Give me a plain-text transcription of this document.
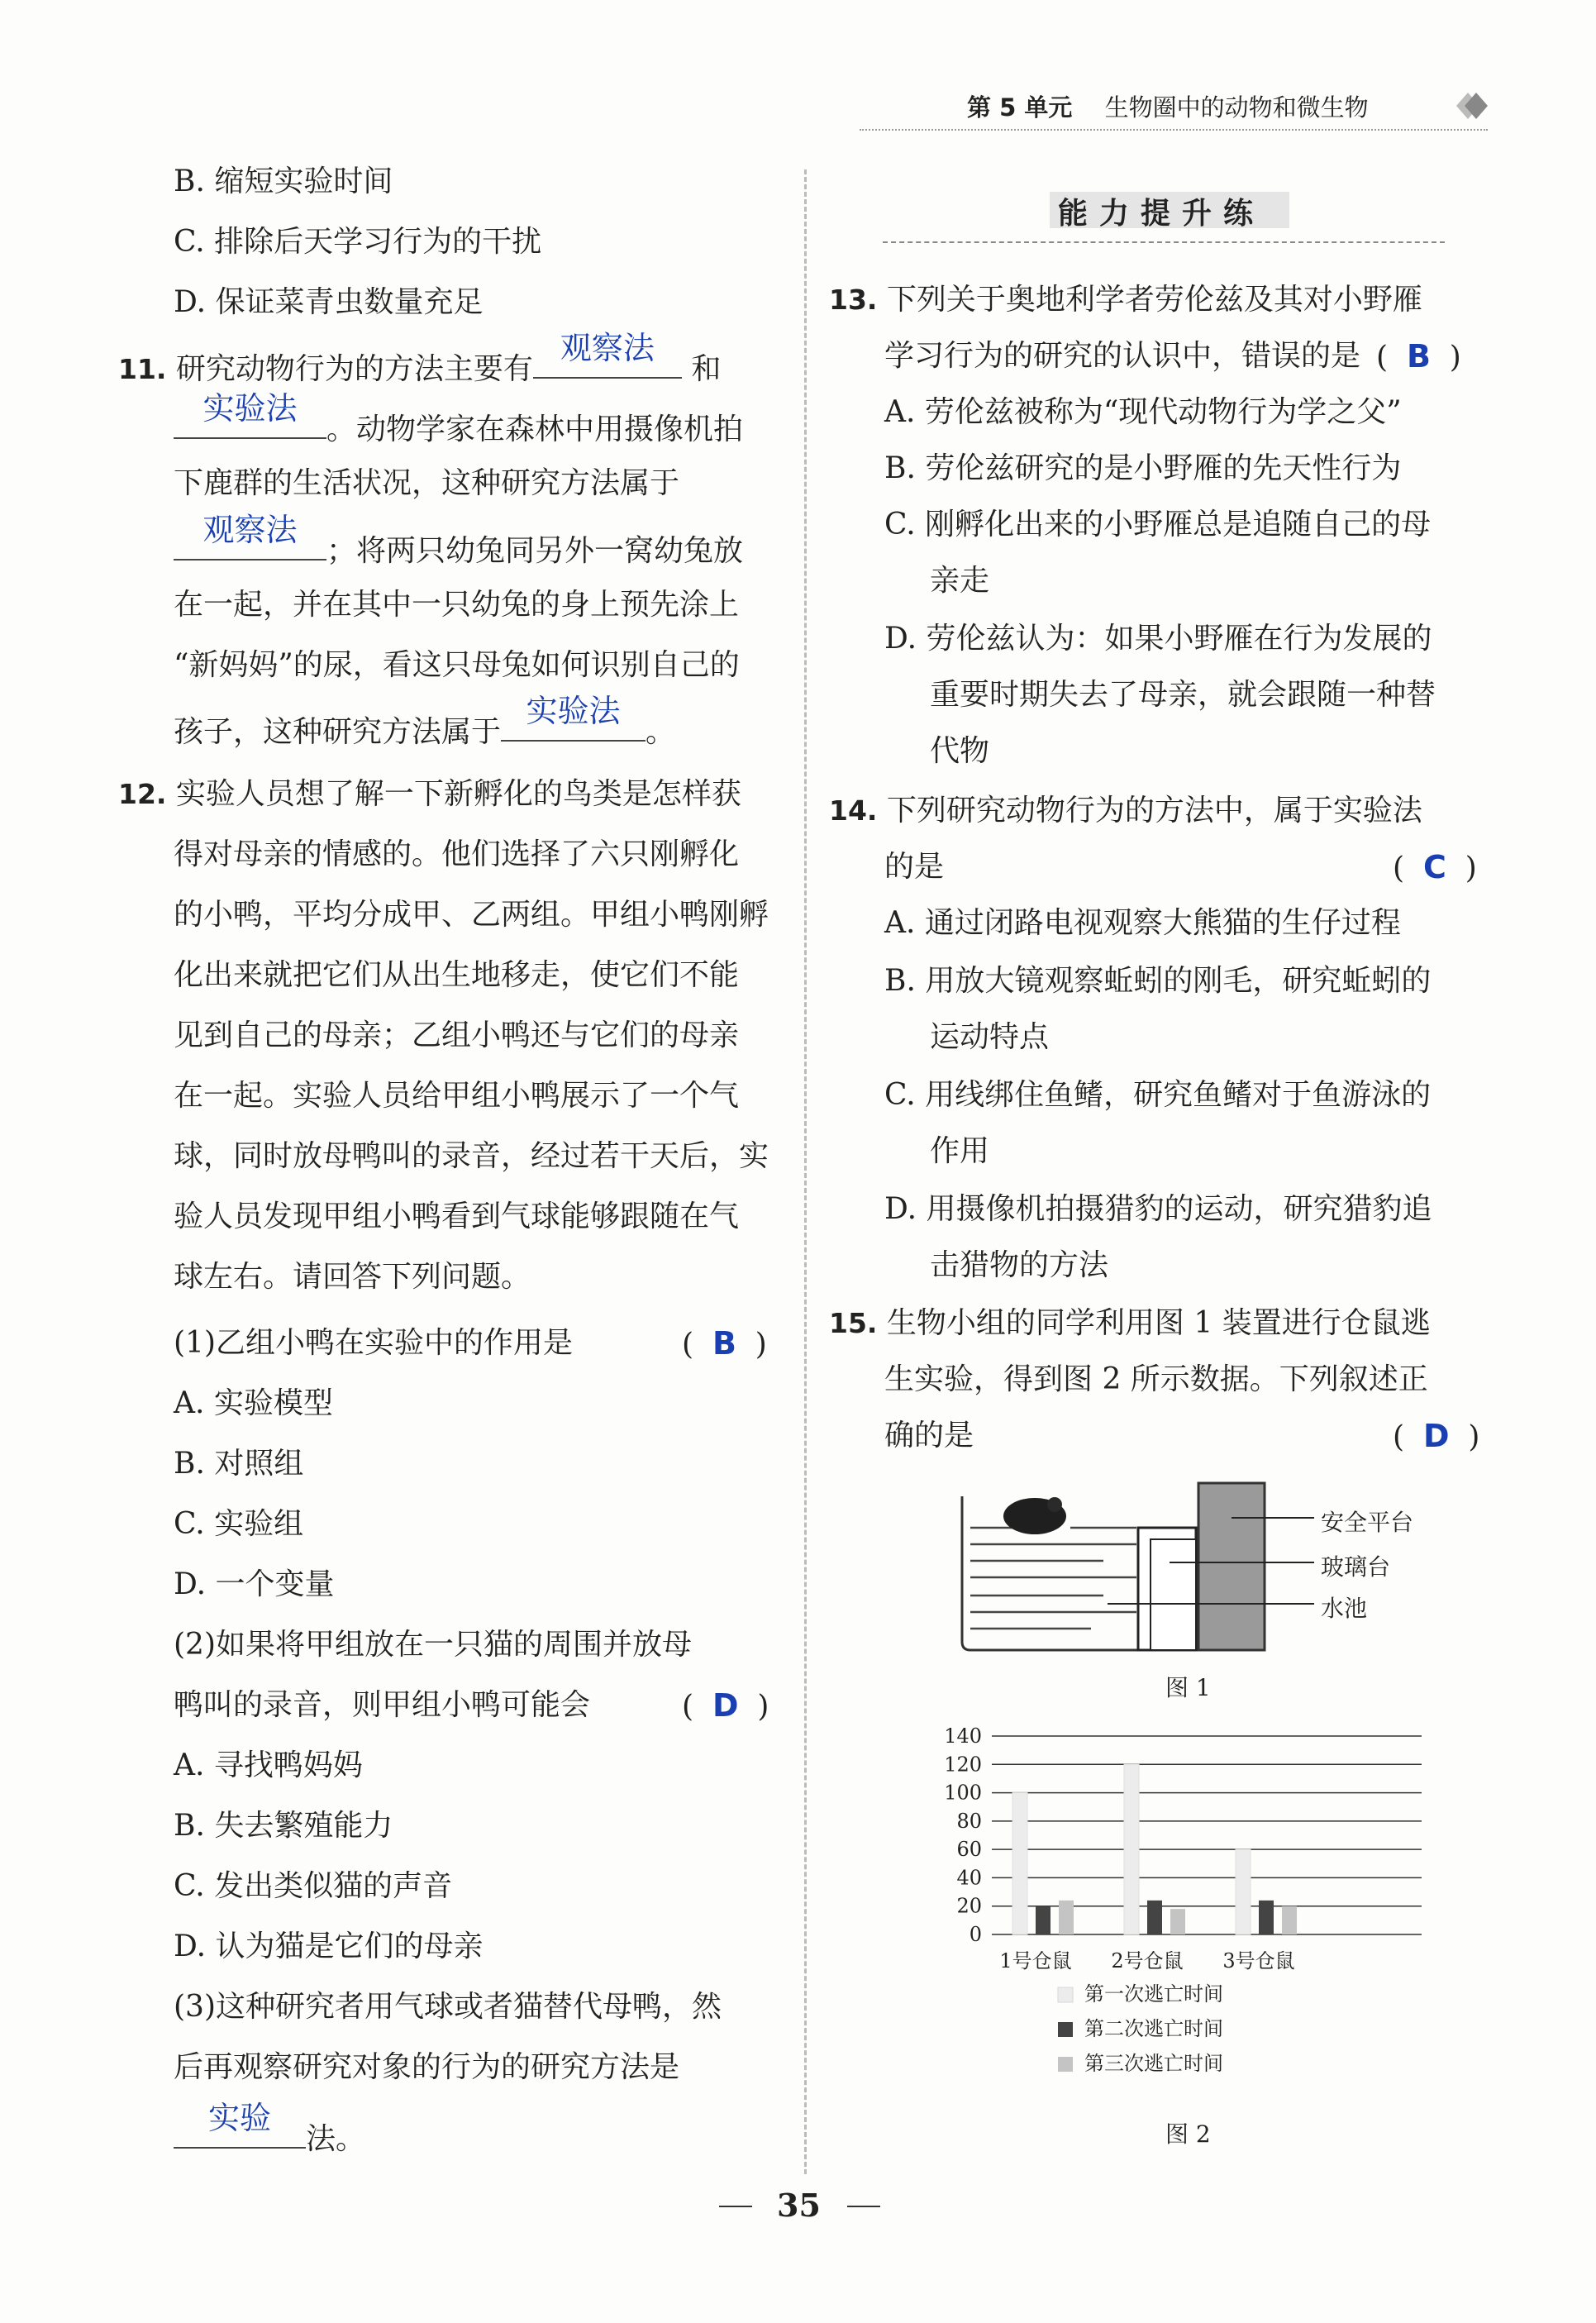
第 5 单元 生物圈中的动物和微生物
B. 缩短实验时间
C. 排除后天学习行为的干扰
D. 保证菜青虫数量充足
11. 研究动物行为的方法主要有
观察法
和
实验法
。动物学家在森林中用摄像机拍
下鹿群的生活状况，这种研究方法属于
观察法
；将两只幼兔同另外一窝幼兔放
在一起，并在其中一只幼兔的身上预先涂上
“新妈妈”的尿，看这只母兔如何识别自己的
孩子，这种研究方法属于
实验法
。
12. 实验人员想了解一下新孵化的鸟类是怎样获
得对母亲的情感的。他们选择了六只刚孵化
的小鸭，平均分成甲、乙两组。甲组小鸭刚孵
化出来就把它们从出生地移走，使它们不能
见到自己的母亲；乙组小鸭还与它们的母亲
在一起。实验人员给甲组小鸭展示了一个气
球，同时放母鸭叫的录音，经过若干天后，实
验人员发现甲组小鸭看到气球能够跟随在气
球左右。请回答下列问题。
(1)乙组小鸭在实验中的作用是	(  B  )
A. 实验模型
B. 对照组
C. 实验组
D. 一个变量
(2)如果将甲组放在一只猫的周围并放母
鸭叫的录音，则甲组小鸭可能会	(  D  )
A. 寻找鸭妈妈
B. 失去繁殖能力
C. 发出类似猫的声音
D. 认为猫是它们的母亲
(3)这种研究者用气球或者猫替代母鸭，然
后再观察研究对象的行为的研究方法是
实验
法。
能力提升练
13. 下列关于奥地利学者劳伦兹及其对小野雁
学习行为的研究的认识中，错误的是 (  B  )
A. 劳伦兹被称为“现代动物行为学之父”
B. 劳伦兹研究的是小野雁的先天性行为
C. 刚孵化出来的小野雁总是追随自己的母
亲走
D. 劳伦兹认为：如果小野雁在行为发展的
重要时期失去了母亲，就会跟随一种替
代物
14. 下列研究动物行为的方法中，属于实验法
的是	(  C  )
A. 通过闭路电视观察大熊猫的生仔过程
B. 用放大镜观察蚯蚓的刚毛，研究蚯蚓的
运动特点
C. 用线绑住鱼鳍，研究鱼鳍对于鱼游泳的
作用
D. 用摄像机拍摄猎豹的运动，研究猎豹追
击猎物的方法
15. 生物小组的同学利用图 1 装置进行仓鼠逃
生实验，得到图 2 所示数据。下列叙述正
确的是	(  D  )
安全平台
玻璃台
水池
图 1
140
120
100
80
60
40
20
0
1号仓鼠 2号仓鼠 3号仓鼠
第一次逃亡时间
第二次逃亡时间
第三次逃亡时间
图 2
35
